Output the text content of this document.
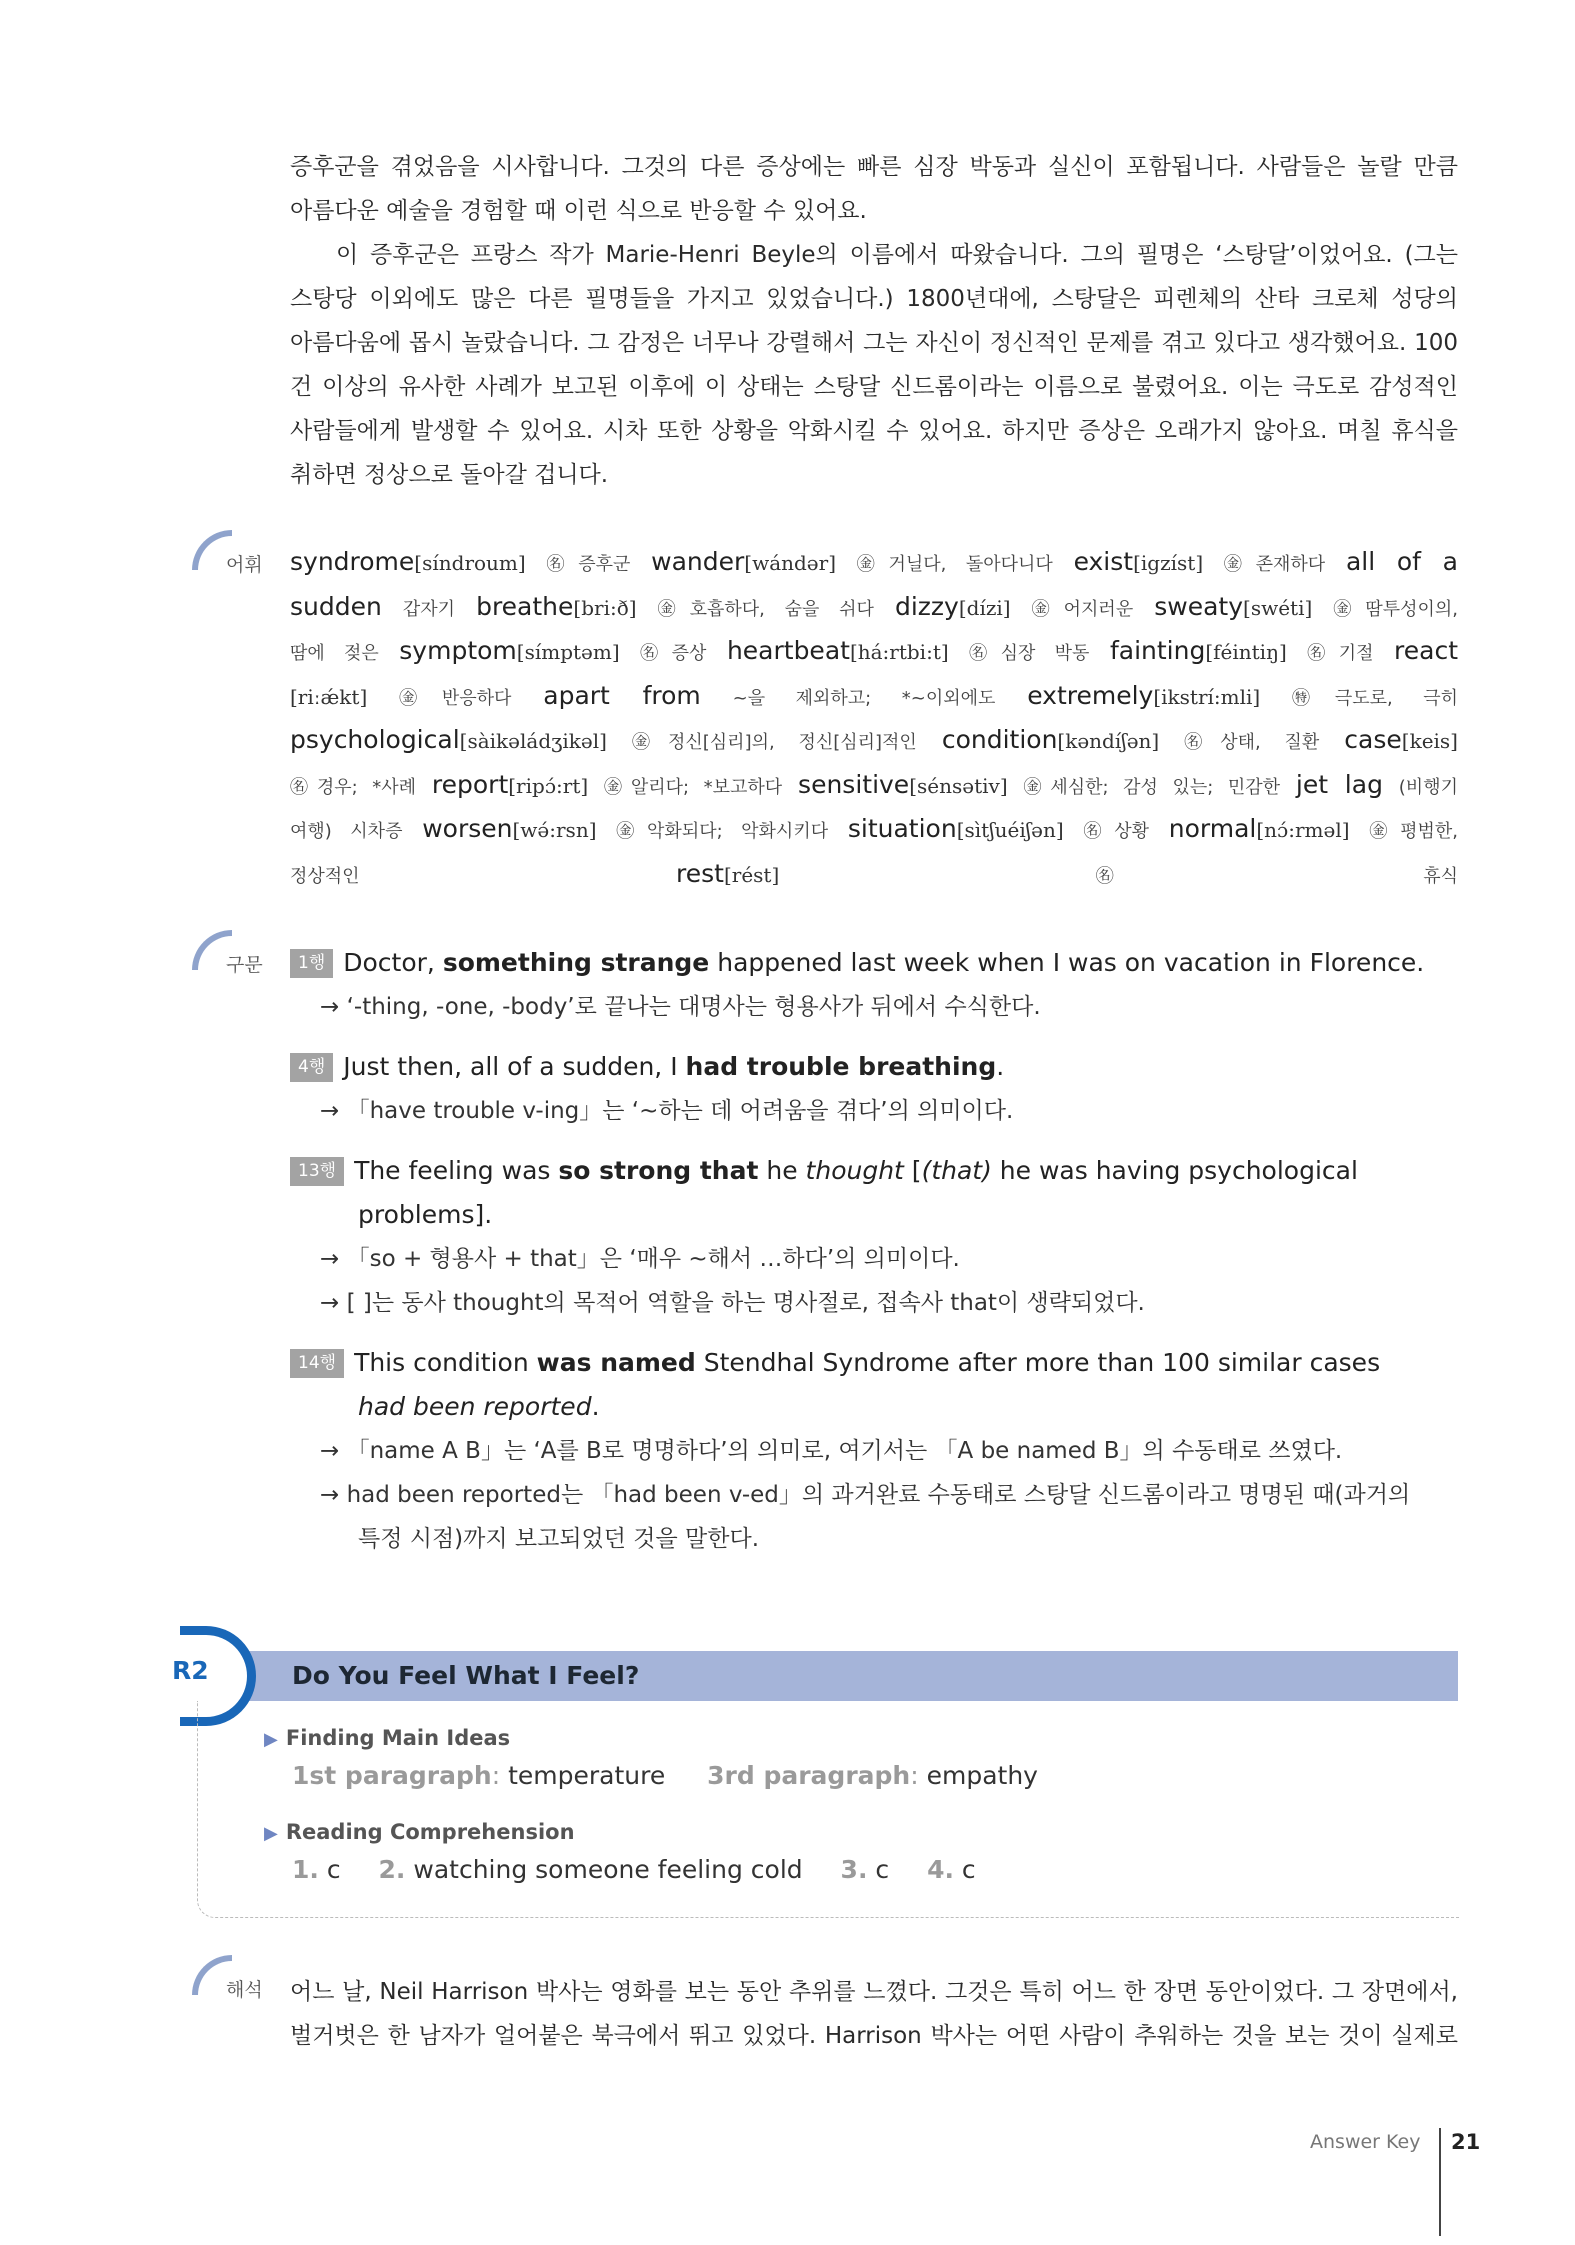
증후군을 겪었음을 시사합니다. 그것의 다른 증상에는 빠른 심장 박동과 실신이 포함됩니다. 사람들은 놀랄 만큼
아름다운 예술을 경험할 때 이런 식으로 반응할 수 있어요.
이 증후군은 프랑스 작가 Marie-Henri Beyle의 이름에서 따왔습니다. 그의 필명은 ‘스탕달’이었어요. (그는
스탕당 이외에도 많은 다른 필명들을 가지고 있었습니다.) 1800년대에, 스탕달은 피렌체의 산타 크로체 성당의
아름다움에 몹시 놀랐습니다. 그 감정은 너무나 강렬해서 그는 자신이 정신적인 문제를 겪고 있다고 생각했어요. 100
건 이상의 유사한 사례가 보고된 이후에 이 상태는 스탕달 신드롬이라는 이름으로 불렸어요. 이는 극도로 감성적인
사람들에게 발생할 수 있어요. 시차 또한 상황을 악화시킬 수 있어요. 하지만 증상은 오래가지 않아요. 며칠 휴식을
취하면 정상으로 돌아갈 겁니다.
어휘 syndrome[síndroum] ㊔증후군 wander[wándər] ㊎거닐다, 돌아다니다 exist[igzíst] ㊎존재하다 all of a
sudden 갑자기 breathe[bri:ð] ㊎호흡하다, 숨을 쉬다 dizzy[dízi] ㊎어지러운 sweaty[swéti] ㊎땀투성이의,
땀에 젖은 symptom[símptəm] ㊔증상 heartbeat[há:rtbi:t] ㊔심장 박동 fainting[féintiŋ] ㊔기절 react
[riːǽkt] ㊎반응하다 apart from ~을 제외하고; *~이외에도 extremely[ikstrí:mli] ㊕극도로, 극히
psychological[sàikəládʒikəl] ㊎정신[심리]의, 정신[심리]적인 condition[kəndíʃən] ㊔상태, 질환 case[keis]
㊔경우; *사례 report[ripɔ́:rt] ㊎알리다; *보고하다 sensitive[sénsətiv] ㊎세심한; 감성 있는; 민감한 jet lag (비행기
여행) 시차증 worsen[wə́:rsn] ㊎악화되다; 악화시키다 situation[sìtʃuéiʃən] ㊔상황 normal[nɔ́:rməl] ㊎평범한,
정상적인	rest[rést]	㊔휴식
구문	1행 Doctor, something strange happened last week when I was on vacation in Florence.
→ ‘-thing, -one, -body’로 끝나는 대명사는 형용사가 뒤에서 수식한다.
4행 Just then, all of a sudden, I had trouble breathing.
→ 「have trouble v-ing」는 ‘~하는 데 어려움을 겪다’의 의미이다.
13행 The feeling was so strong that he thought [(that) he was having psychological
problems].
→ 「so + 형용사 + that」은 ‘매우 ~해서 …하다’의 의미이다.
→ [ ]는 동사 thought의 목적어 역할을 하는 명사절로, 접속사 that이 생략되었다.
14행 This condition was named Stendhal Syndrome after more than 100 similar cases
had been reported.
→ 「name A B」는 ‘A를 B로 명명하다’의 의미로, 여기서는 「A be named B」의 수동태로 쓰였다.
→ had been reported는 「had been v-ed」의 과거완료 수동태로 스탕달 신드롬이라고 명명된 때(과거의
특정 시점)까지 보고되었던 것을 말한다.
R2	Do You Feel What I Feel?
▶ Finding Main Ideas
1st paragraph: temperature 3rd paragraph: empathy
▶ Reading Comprehension
1. c 2. watching someone feeling cold 3. c 4. c
해석 어느 날, Neil Harrison 박사는 영화를 보는 동안 추위를 느꼈다. 그것은 특히 어느 한 장면 동안이었다. 그 장면에서,
벌거벗은 한 남자가 얼어붙은 북극에서 뛰고 있었다. Harrison 박사는 어떤 사람이 추워하는 것을 보는 것이 실제로
Answer Key 21
